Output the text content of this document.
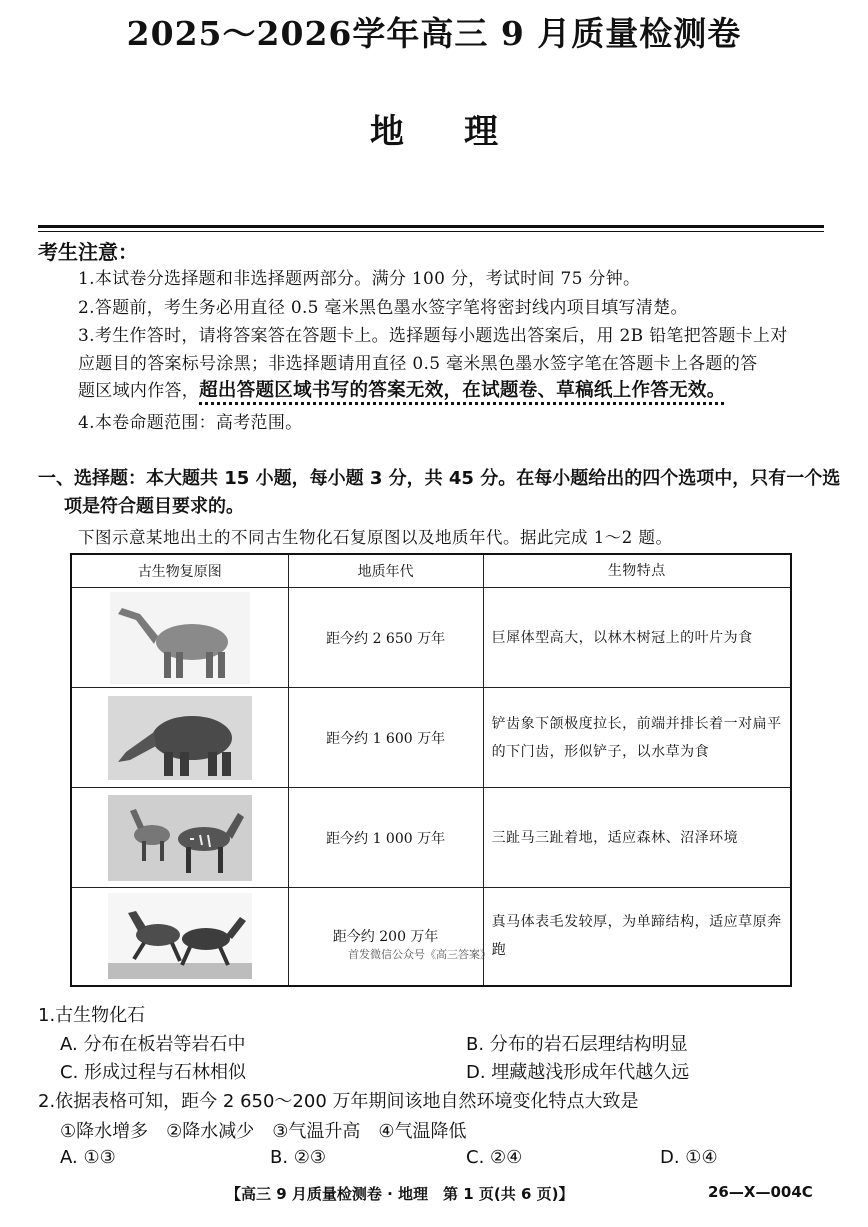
2025～2026学年高三 9 月质量检测卷
地理
考生注意：
1.本试卷分选择题和非选择题两部分。满分 100 分，考试时间 75 分钟。
2.答题前，考生务必用直径 0.5 毫米黑色墨水签字笔将密封线内项目填写清楚。
3.考生作答时，请将答案答在答题卡上。选择题每小题选出答案后，用 2B 铅笔把答题卡上对
应题目的答案标号涂黑；非选择题请用直径 0.5 毫米黑色墨水签字笔在答题卡上各题的答
题区域内作答，超出答题区域书写的答案无效，在试题卷、草稿纸上作答无效。
4.本卷命题范围：高考范围。
一、选择题：本大题共 15 小题，每小题 3 分，共 45 分。在每小题给出的四个选项中，只有一个选
项是符合题目要求的。
下图示意某地出土的不同古生物化石复原图以及地质年代。据此完成 1～2 题。
古生物复原图	地质年代	生物特点

	距今约 2 650 万年	巨犀体型高大，以林木树冠上的叶片为食

	距今约 1 600 万年	铲齿象下颌极度拉长，前端并排长着一对扁平的下门齿，形似铲子，以水草为食

	距今约 1 000 万年	三趾马三趾着地，适应森林、沼泽环境

	距今约 200 万年	真马体表毛发较厚，为单蹄结构，适应草原奔跑
首发微信公众号《高三答案》
1.古生物化石
A. 分布在板岩等岩石中	B. 分布的岩石层理结构明显
C. 形成过程与石林相似	D. 埋藏越浅形成年代越久远
2.依据表格可知，距今 2 650～200 万年期间该地自然环境变化特点大致是
①降水增多　②降水减少　③气温升高　④气温降低
A. ①③	B. ②③	C. ②④	D. ①④
【高三 9 月质量检测卷 · 地理　第 1 页(共 6 页)】	26—X—004C
